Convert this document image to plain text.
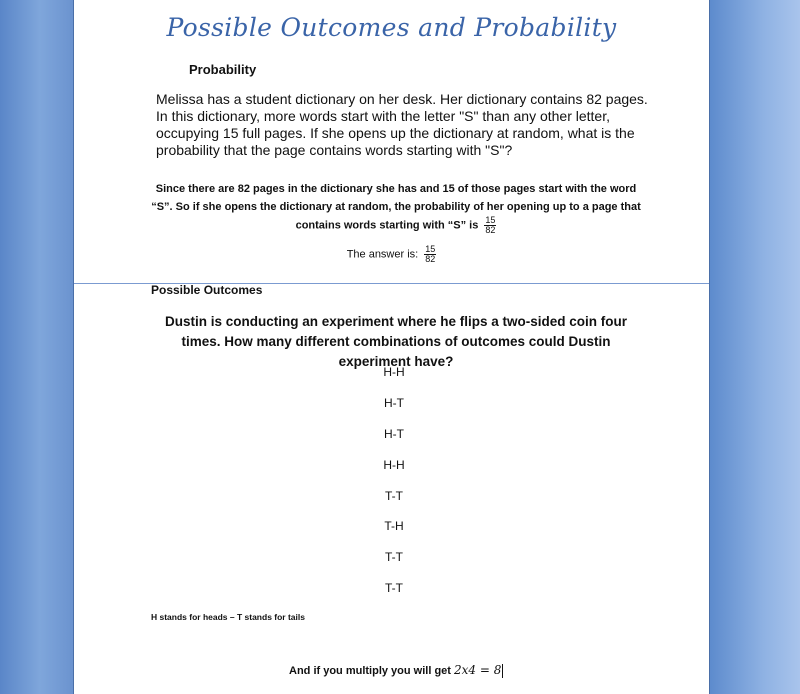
Possible Outcomes and Probability
Probability
Melissa has a student dictionary on her desk. Her dictionary contains 82 pages. In this dictionary, more words start with the letter "S" than any other letter, occupying 15 full pages. If she opens up the dictionary at random, what is the probability that the page contains words starting with "S"?
Since there are 82 pages in the dictionary she has and 15 of those pages start with the word “S”. So if she opens the dictionary at random, the probability of her opening up to a page that contains words starting with “S” is $\frac{15}{82}$
The answer is: $\frac{15}{82}$
Possible Outcomes
Dustin is conducting an experiment where he flips a two-sided coin four times. How many different combinations of outcomes could Dustin experiment have?
H-H
H-T
H-T
H-H
T-T
T-H
T-T
T-T
H stands for heads – T stands for tails
And if you multiply you will get 2x4 = 8
